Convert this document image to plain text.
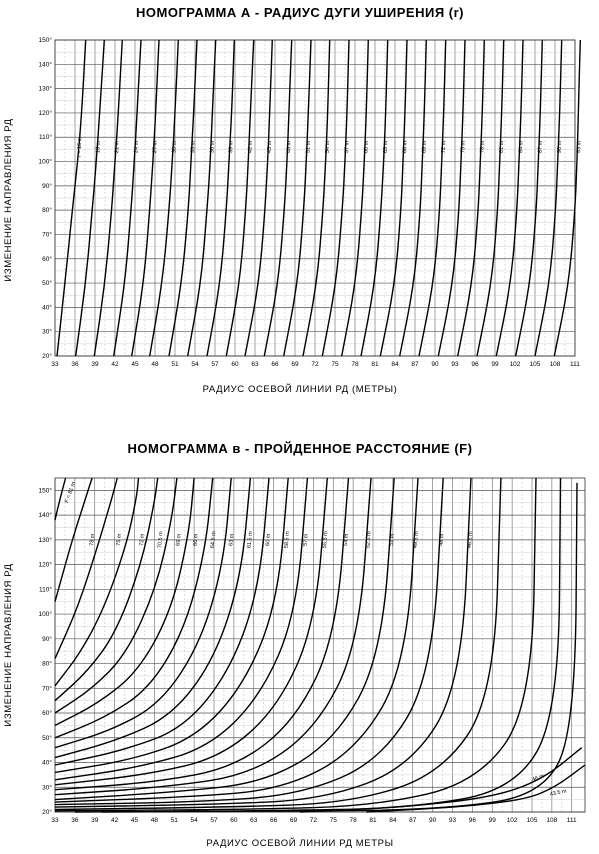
НОМОГРАММА А - РАДИУС ДУГИ УШИРЕНИЯ (r)
РАДИУС ОСЕВОЙ ЛИНИИ РД (МЕТРЫ)
ИЗМЕНЕНИЕ НАПРАВЛЕНИЯ РД
33 36 39 42 45 48 51 54 57 60 63 66 69 72 75 78 81 84 87 90 93 96 99 102 105 108 111
20°
30°
40°
50°
60°
70°
80°
90°
100°
110°
120°
130°
140°
150°
r = 15 m 18 m 21 m 24 m 27 m 30 m 33 m 36 m 39 m 42 m 45 m 48 m 51 m 54 m 57 m 60 m 63 m 66 m 69 m 72 m 75 m 78 m 81 m 84 m 87 m 90 m 93 m
НОМОГРАММА в - ПРОЙДЕННОЕ РАССТОЯНИЕ (F)
РАДИУС ОСЕВОЙ ЛИНИИ РД МЕТРЫ
ИЗМЕНЕНИЕ НАПРАВЛЕНИЯ РД
33 36 39 42 45 48 51 54 57 60 63 66 69 72 75 78 81 84 87 90 93 96 99 102 105 108 111
20°
30°
40°
50°
60°
70°
80°
90°
100°
110°
120°
130°
140°
150° F = 81 m
78 m	75 m	72 m 70.5 m 69 m 66 m 64.5 m 63 m 61.5 m 60 m 58.5 m 57 m 55.5 m 54 m	52.5 m	51 m	49.5 m	48 m	46.5 m
46 m
43.5 m
